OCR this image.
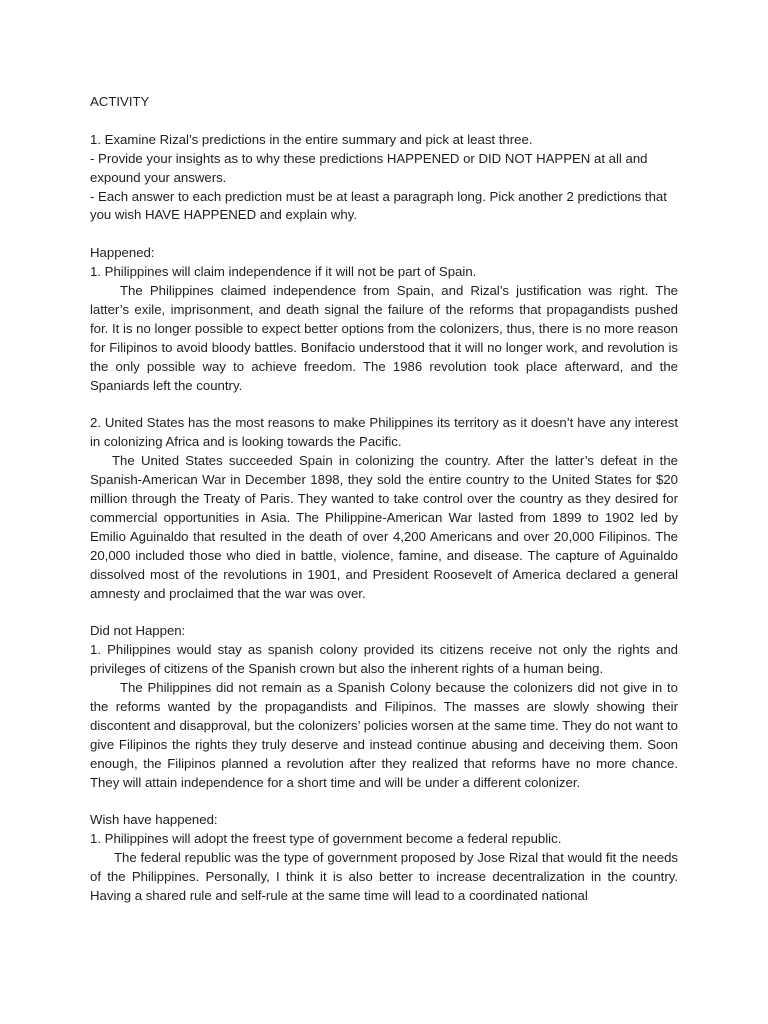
ACTIVITY

1. Examine Rizal’s predictions in the entire summary and pick at least three.

- Provide your insights as to why these predictions HAPPENED or DID NOT HAPPEN at all and expound your answers.

- Each answer to each prediction must be at least a paragraph long. Pick another 2 predictions that you wish HAVE HAPPENED and explain why.

Happened:

1. Philippines will claim independence if it will not be part of Spain.

The Philippines claimed independence from Spain, and Rizal’s justification was right. The latter’s exile, imprisonment, and death signal the failure of the reforms that propagandists pushed for. It is no longer possible to expect better options from the colonizers, thus, there is no more reason for Filipinos to avoid bloody battles. Bonifacio understood that it will no longer work, and revolution is the only possible way to achieve freedom. The 1986 revolution took place afterward, and the Spaniards left the country.

2. United States has the most reasons to make Philippines its territory as it doesn’t have any interest in colonizing Africa and is looking towards the Pacific.

The United States succeeded Spain in colonizing the country. After the latter’s defeat in the Spanish-American War in December 1898, they sold the entire country to the United States for $20 million through the Treaty of Paris. They wanted to take control over the country as they desired for commercial opportunities in Asia. The Philippine-American War lasted from 1899 to 1902 led by Emilio Aguinaldo that resulted in the death of over 4,200 Americans and over 20,000 Filipinos. The 20,000 included those who died in battle, violence, famine, and disease. The capture of Aguinaldo dissolved most of the revolutions in 1901, and President Roosevelt of America declared a general amnesty and proclaimed that the war was over.

Did not Happen:

1. Philippines would stay as spanish colony provided its citizens receive not only the rights and privileges of citizens of the Spanish crown but also the inherent rights of a human being.

The Philippines did not remain as a Spanish Colony because the colonizers did not give in to the reforms wanted by the propagandists and Filipinos. The masses are slowly showing their discontent and disapproval, but the colonizers’ policies worsen at the same time. They do not want to give Filipinos the rights they truly deserve and instead continue abusing and deceiving them. Soon enough, the Filipinos planned a revolution after they realized that reforms have no more chance. They will attain independence for a short time and will be under a different colonizer.

Wish have happened:

1. Philippines will adopt the freest type of government become a federal republic.

The federal republic was the type of government proposed by Jose Rizal that would fit the needs of the Philippines. Personally, I think it is also better to increase decentralization in the country. Having a shared rule and self-rule at the same time will lead to a coordinated national
